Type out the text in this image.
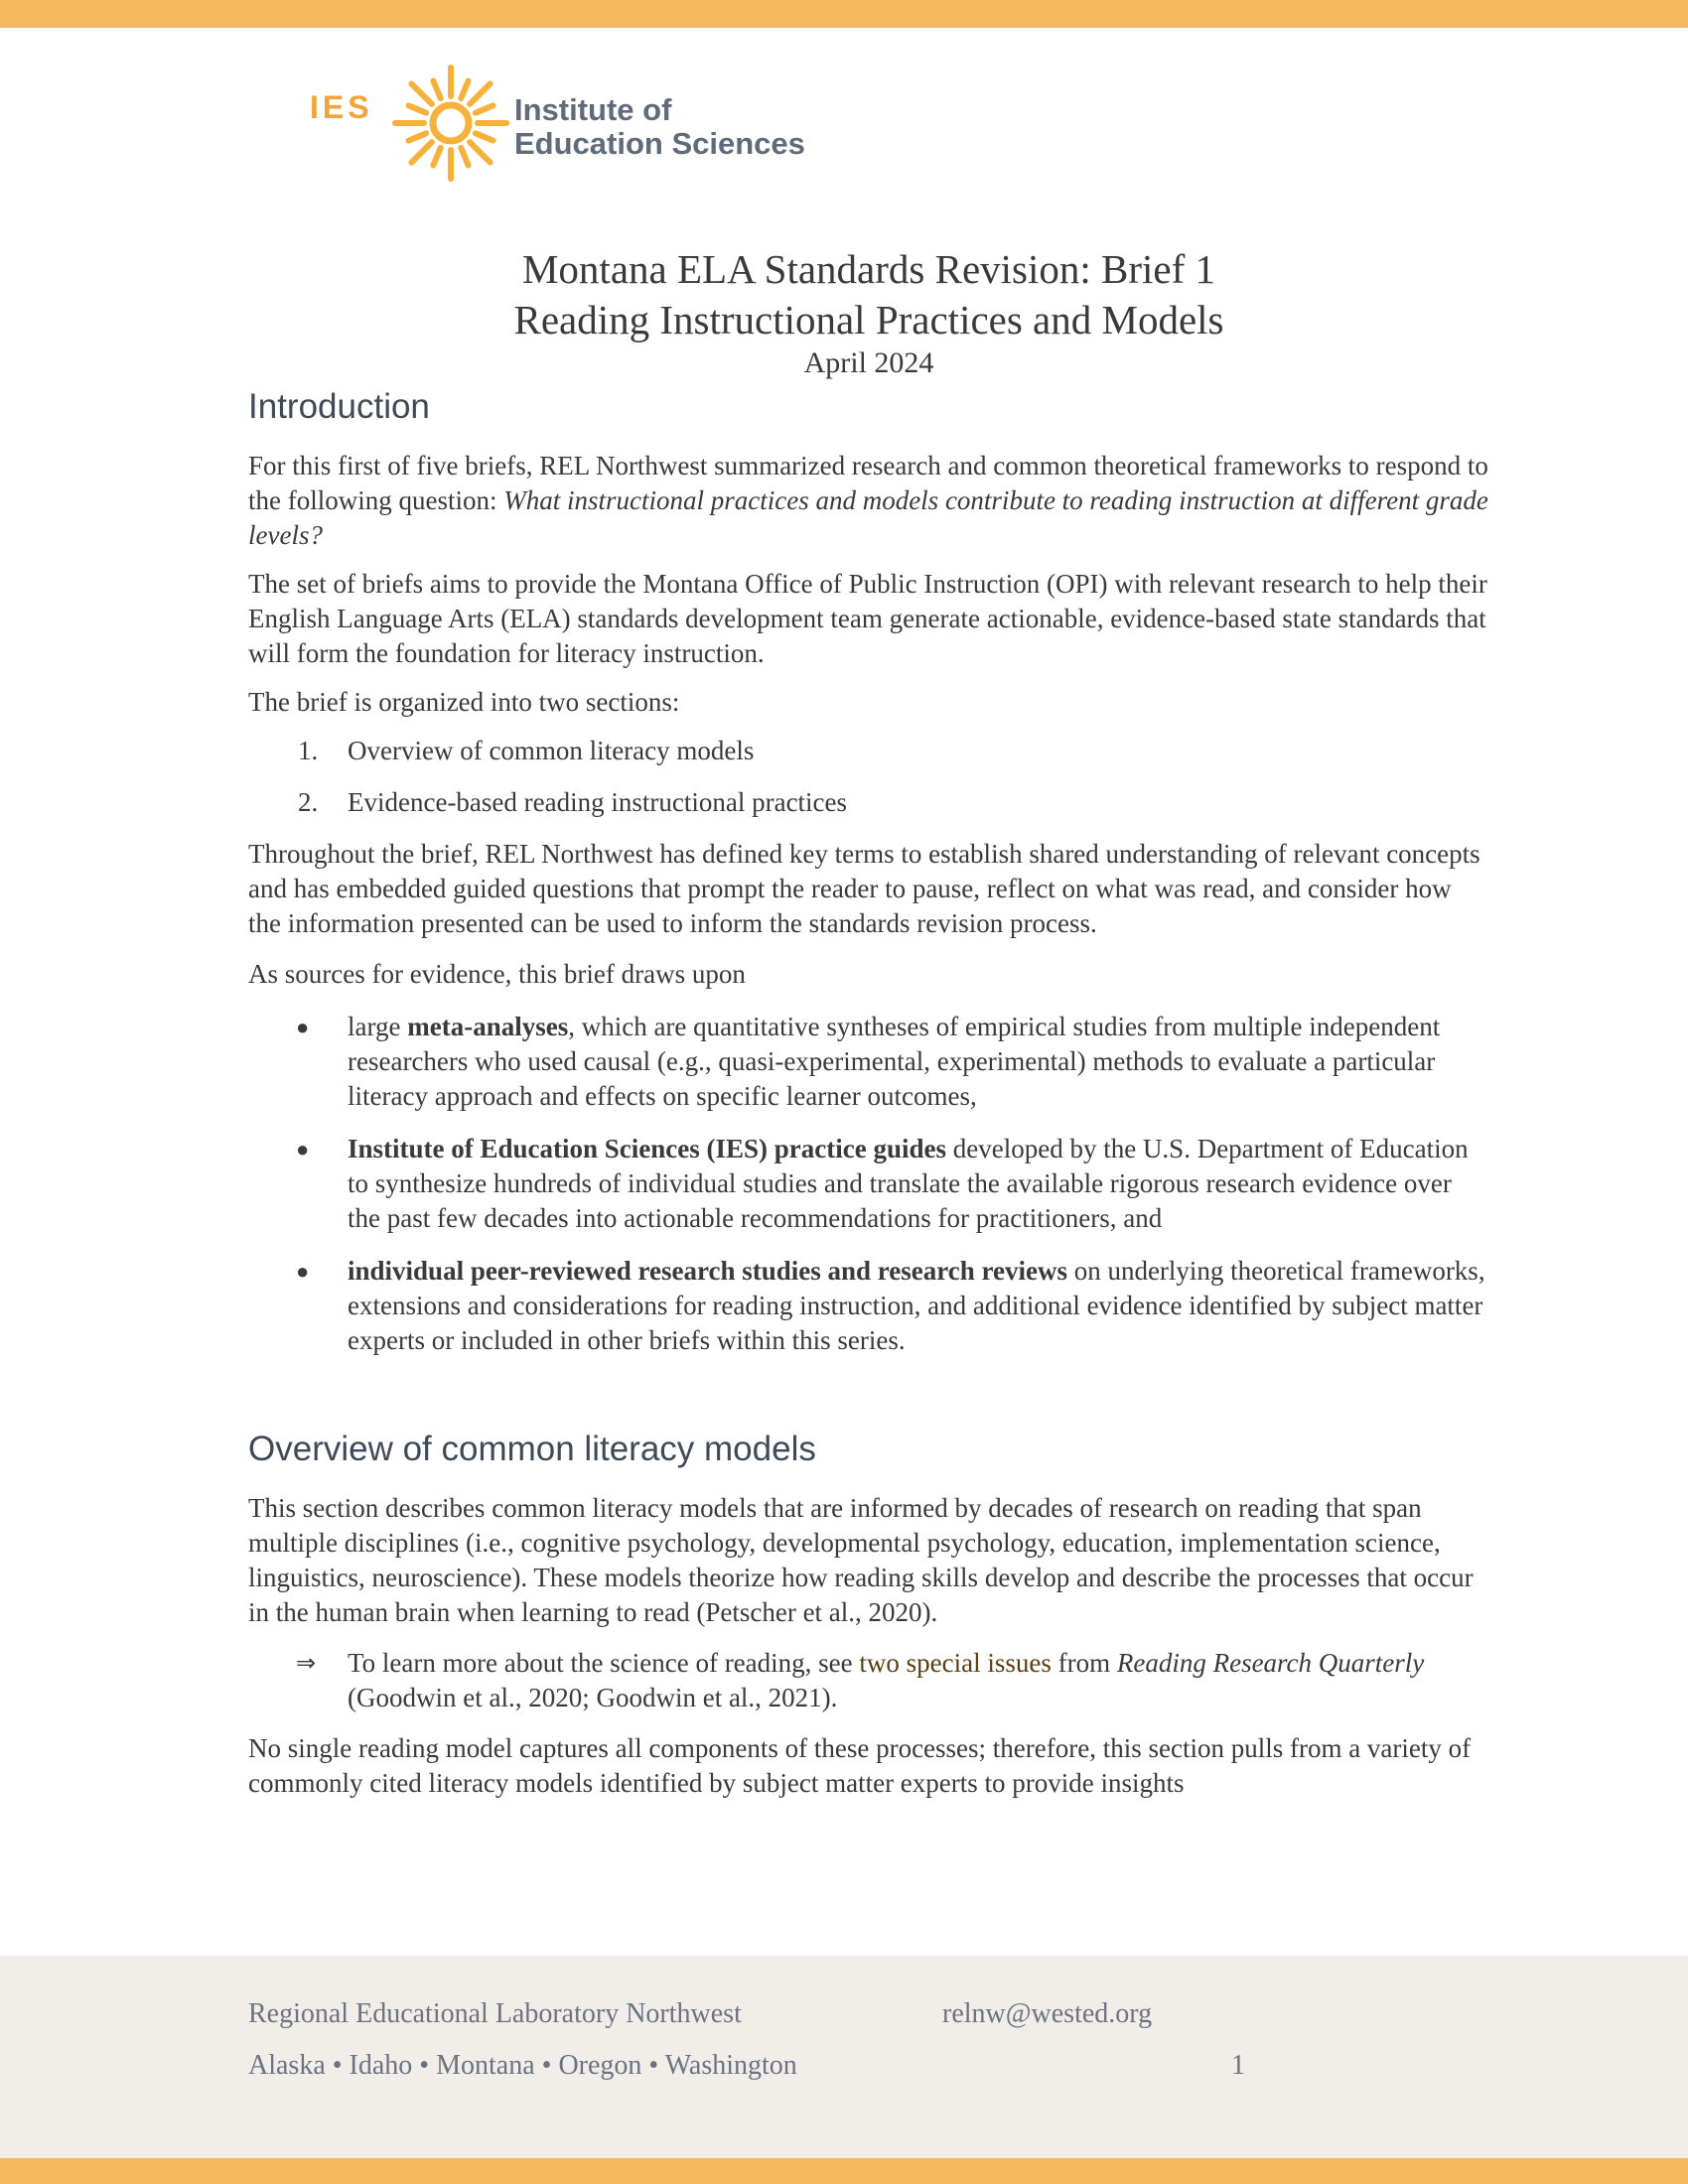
IES	Institute of
Education Sciences
Montana ELA Standards Revision: Brief 1
Reading Instructional Practices and Models
April 2024
Introduction

For this first of five briefs, REL Northwest summarized research and common theoretical frameworks to respond to the following question: What instructional practices and models contribute to reading instruction at different grade levels?

The set of briefs aims to provide the Montana Office of Public Instruction (OPI) with relevant research to help their English Language Arts (ELA) standards development team generate actionable, evidence-based state standards that will form the foundation for literacy instruction.

The brief is organized into two sections:

1. Overview of common literacy models
2. Evidence-based reading instructional practices

Throughout the brief, REL Northwest has defined key terms to establish shared understanding of relevant concepts and has embedded guided questions that prompt the reader to pause, reflect on what was read, and consider how the information presented can be used to inform the standards revision process.

As sources for evidence, this brief draws upon

● large meta-analyses, which are quantitative syntheses of empirical studies from multiple independent researchers who used causal (e.g., quasi-experimental, experimental) methods to evaluate a particular literacy approach and effects on specific learner outcomes,
● Institute of Education Sciences (IES) practice guides developed by the U.S. Department of Education to synthesize hundreds of individual studies and translate the available rigorous research evidence over the past few decades into actionable recommendations for practitioners, and
● individual peer-reviewed research studies and research reviews on underlying theoretical frameworks, extensions and considerations for reading instruction, and additional evidence identified by subject matter experts or included in other briefs within this series.
Overview of common literacy models

This section describes common literacy models that are informed by decades of research on reading that span multiple disciplines (i.e., cognitive psychology, developmental psychology, education, implementation science, linguistics, neuroscience). These models theorize how reading skills develop and describe the processes that occur in the human brain when learning to read (Petscher et al., 2020).

⇒ To learn more about the science of reading, see two special issues from Reading Research Quarterly (Goodwin et al., 2020; Goodwin et al., 2021).

No single reading model captures all components of these processes; therefore, this section pulls from a variety of commonly cited literacy models identified by subject matter experts to provide insights

Regional Educational Laboratory Northwest	relnw@wested.org
Alaska • Idaho • Montana • Oregon • Washington	1
